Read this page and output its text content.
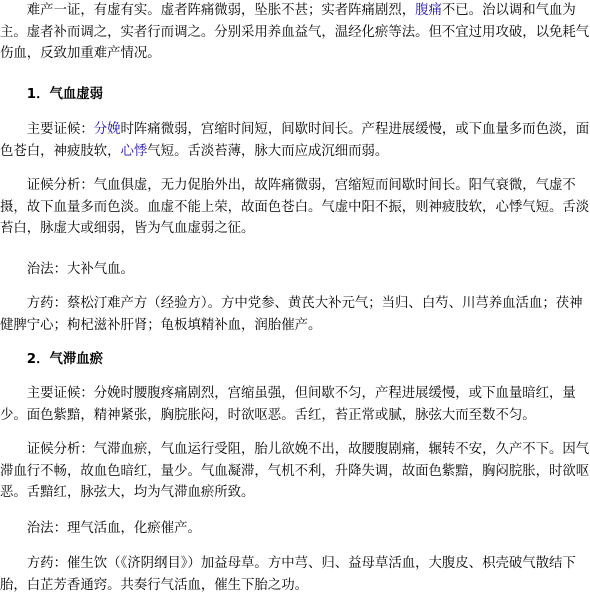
难产一证，有虚有实。虚者阵痛微弱，坠胀不甚；实者阵痛剧烈，腹痛不已。治以调和气血为主。虚者补而调之，实者行而调之。分别采用养血益气，温经化瘀等法。但不宜过用攻破，以免耗气伤血，反致加重难产情况。

1．气血虚弱

主要证候：分娩时阵痛微弱，宫缩时间短，间歇时间长。产程进展缓慢，或下血量多而色淡，面色苍白，神疲肢软，心悸气短。舌淡苔薄，脉大而应成沉细而弱。

证候分析：气血俱虚，无力促胎外出，故阵痛微弱，宫缩短而间歇时间长。阳气衰微，气虚不摄，故下血量多而色淡。血虚不能上荣，故面色苍白。气虚中阳不振，则神疲肢软，心悸气短。舌淡苔白，脉虚大或细弱，皆为气血虚弱之征。

治法：大补气血。

方药：蔡松汀难产方（经验方）。方中党参、黄芪大补元气；当归、白芍、川芎养血活血；茯神健脾宁心；枸杞滋补肝肾；龟板填精补血，润胎催产。

2．气滞血瘀

主要证候：分娩时腰腹疼痛剧烈，宫缩虽强，但间歇不匀，产程进展缓慢，或下血量暗红，量少。面色紫黯，精神紧张，胸脘胀闷，时欲呕恶。舌红，苔正常或腻，脉弦大而至数不匀。

证候分析：气滞血瘀，气血运行受阻，胎儿欲娩不出，故腰腹剧痛，辗转不安，久产不下。因气滞血行不畅，故血色暗红，量少。气血凝滞，气机不利，升降失调，故面色紫黯，胸闷脘胀，时欲呕恶。舌黯红，脉弦大，均为气滞血瘀所致。

治法：理气活血，化瘀催产。

方药：催生饮（《济阴纲目》）加益母草。方中芎、归、益母草活血，大腹皮、枳壳破气散结下胎，白芷芳香通窍。共奏行气活血，催生下胎之功。
